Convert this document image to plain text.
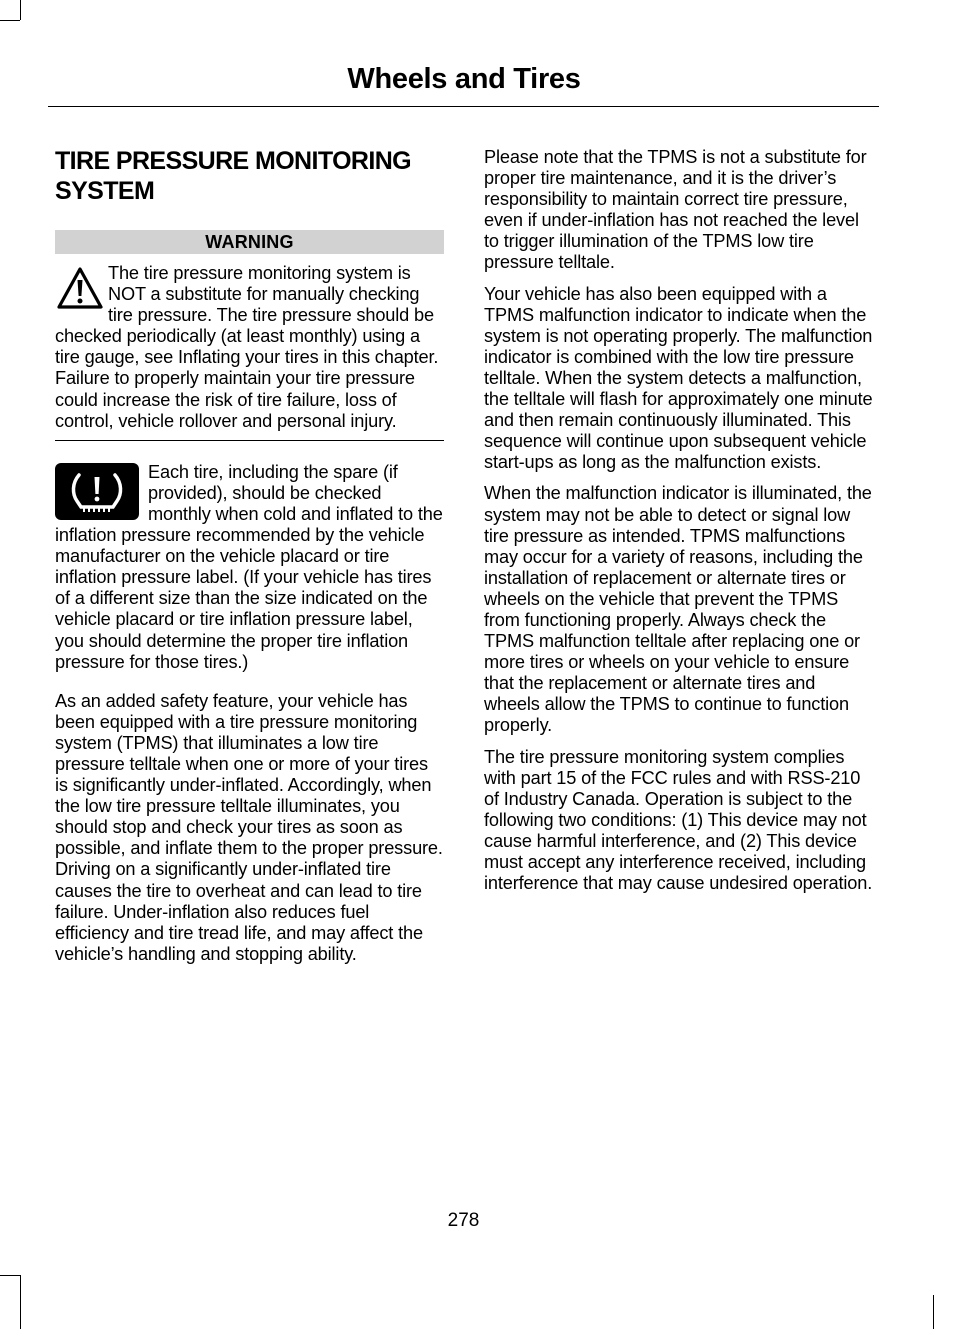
Wheels and Tires
TIRE PRESSURE MONITORING SYSTEM
WARNING

The tire pressure monitoring system is NOT a substitute for manually checking tire pressure. The tire pressure should be checked periodically (at least monthly) using a tire gauge, see Inflating your tires in this chapter. Failure to properly maintain your tire pressure could increase the risk of tire failure, loss of control, vehicle rollover and personal injury.

Each tire, including the spare (if provided), should be checked monthly when cold and inflated to the inflation pressure recommended by the vehicle manufacturer on the vehicle placard or tire inflation pressure label. (If your vehicle has tires of a different size than the size indicated on the vehicle placard or tire inflation pressure label, you should determine the proper tire inflation pressure for those tires.)

As an added safety feature, your vehicle has been equipped with a tire pressure monitoring system (TPMS) that illuminates a low tire pressure telltale when one or more of your tires is significantly under-inflated. Accordingly, when the low tire pressure telltale illuminates, you should stop and check your tires as soon as possible, and inflate them to the proper pressure. Driving on a significantly under-inflated tire causes the tire to overheat and can lead to tire failure. Under-inflation also reduces fuel efficiency and tire tread life, and may affect the vehicle’s handling and stopping ability.

Please note that the TPMS is not a substitute for proper tire maintenance, and it is the driver’s responsibility to maintain correct tire pressure, even if under-inflation has not reached the level to trigger illumination of the TPMS low tire pressure telltale.

Your vehicle has also been equipped with a TPMS malfunction indicator to indicate when the system is not operating properly. The malfunction indicator is combined with the low tire pressure telltale. When the system detects a malfunction, the telltale will flash for approximately one minute and then remain continuously illuminated. This sequence will continue upon subsequent vehicle start-ups as long as the malfunction exists.

When the malfunction indicator is illuminated, the system may not be able to detect or signal low tire pressure as intended. TPMS malfunctions may occur for a variety of reasons, including the installation of replacement or alternate tires or wheels on the vehicle that prevent the TPMS from functioning properly. Always check the TPMS malfunction telltale after replacing one or more tires or wheels on your vehicle to ensure that the replacement or alternate tires and wheels allow the TPMS to continue to function properly.

The tire pressure monitoring system complies with part 15 of the FCC rules and with RSS-210 of Industry Canada. Operation is subject to the following two conditions: (1) This device may not cause harmful interference, and (2) This device must accept any interference received, including interference that may cause undesired operation.

278
